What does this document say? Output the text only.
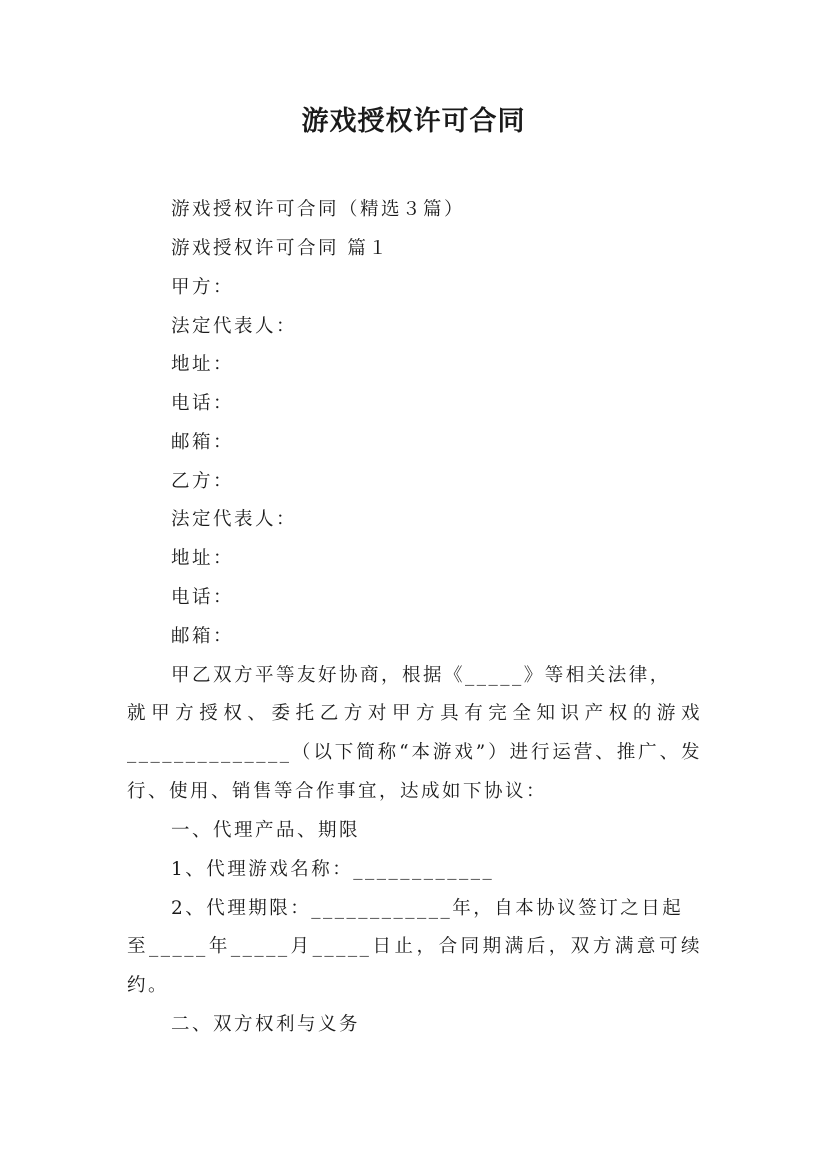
游戏授权许可合同
游戏授权许可合同（精选３篇）
游戏授权许可合同 篇１
甲方：
法定代表人：
地址：
电话：
邮箱：
乙方：
法定代表人：
地址：
电话：
邮箱：
甲乙双方平等友好协商，根据《_____》等相关法律，
就甲方授权、委托乙方对甲方具有完全知识产权的游戏
______________（以下简称“本游戏”）进行运营、推广、发
行、使用、销售等合作事宜，达成如下协议：
一、代理产品、期限
1、代理游戏名称：____________
2、代理期限：____________年，自本协议签订之日起
至_____年_____月_____日止，合同期满后，双方满意可续
约。
二、双方权利与义务
